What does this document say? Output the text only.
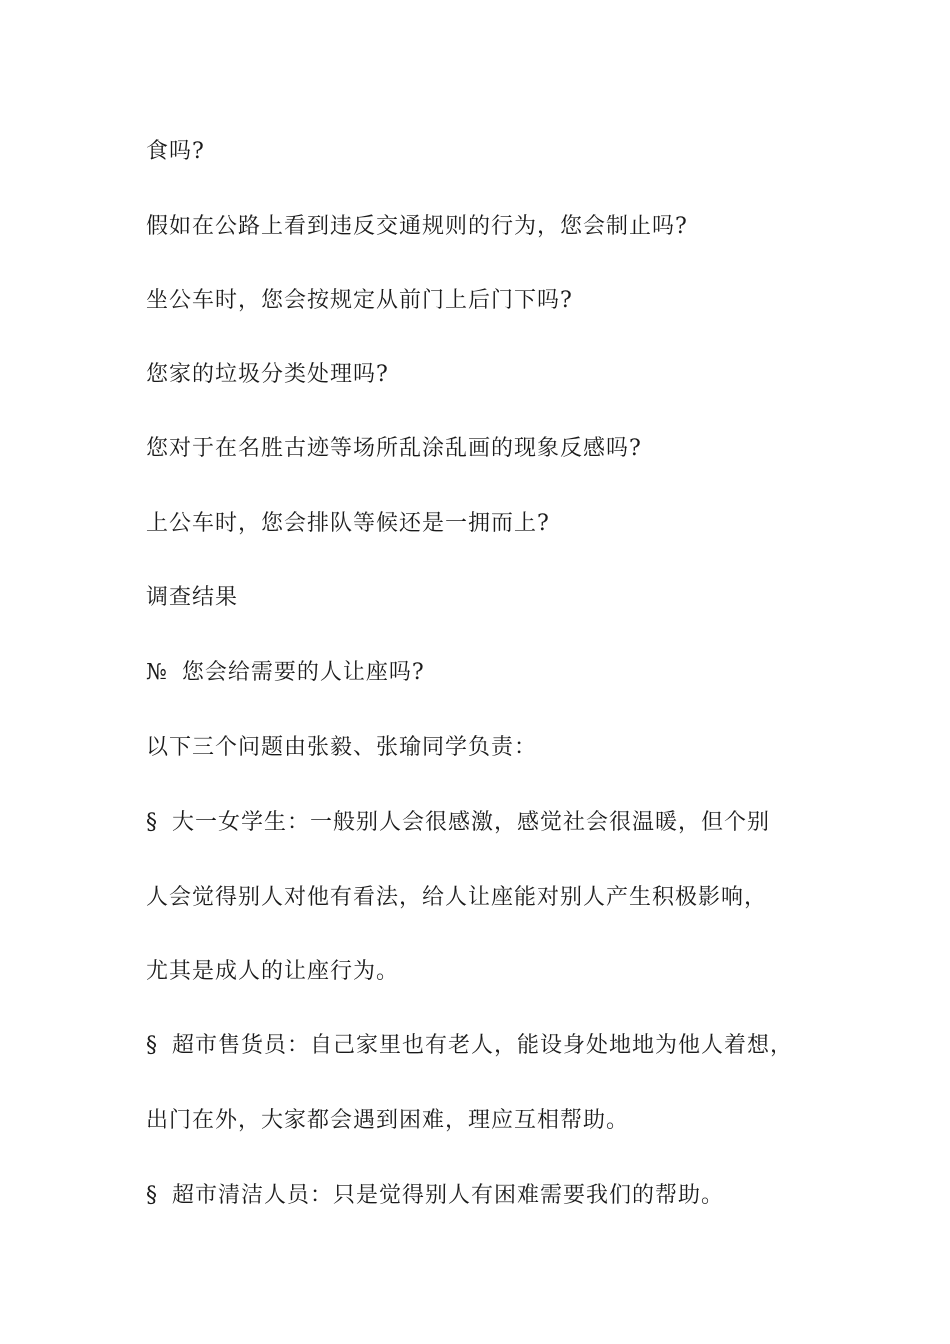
食吗?
假如在公路上看到违反交通规则的行为，您会制止吗?
坐公车时，您会按规定从前门上后门下吗?
您家的垃圾分类处理吗?
您对于在名胜古迹等场所乱涂乱画的现象反感吗?
上公车时，您会排队等候还是一拥而上?
调查结果
№ 您会给需要的人让座吗?
以下三个问题由张毅、张瑜同学负责：
§ 大一女学生：一般别人会很感激，感觉社会很温暖，但个别
人会觉得别人对他有看法，给人让座能对别人产生积极影响，
尤其是成人的让座行为。
§ 超市售货员：自己家里也有老人，能设身处地地为他人着想，
出门在外，大家都会遇到困难，理应互相帮助。
§ 超市清洁人员：只是觉得别人有困难需要我们的帮助。
